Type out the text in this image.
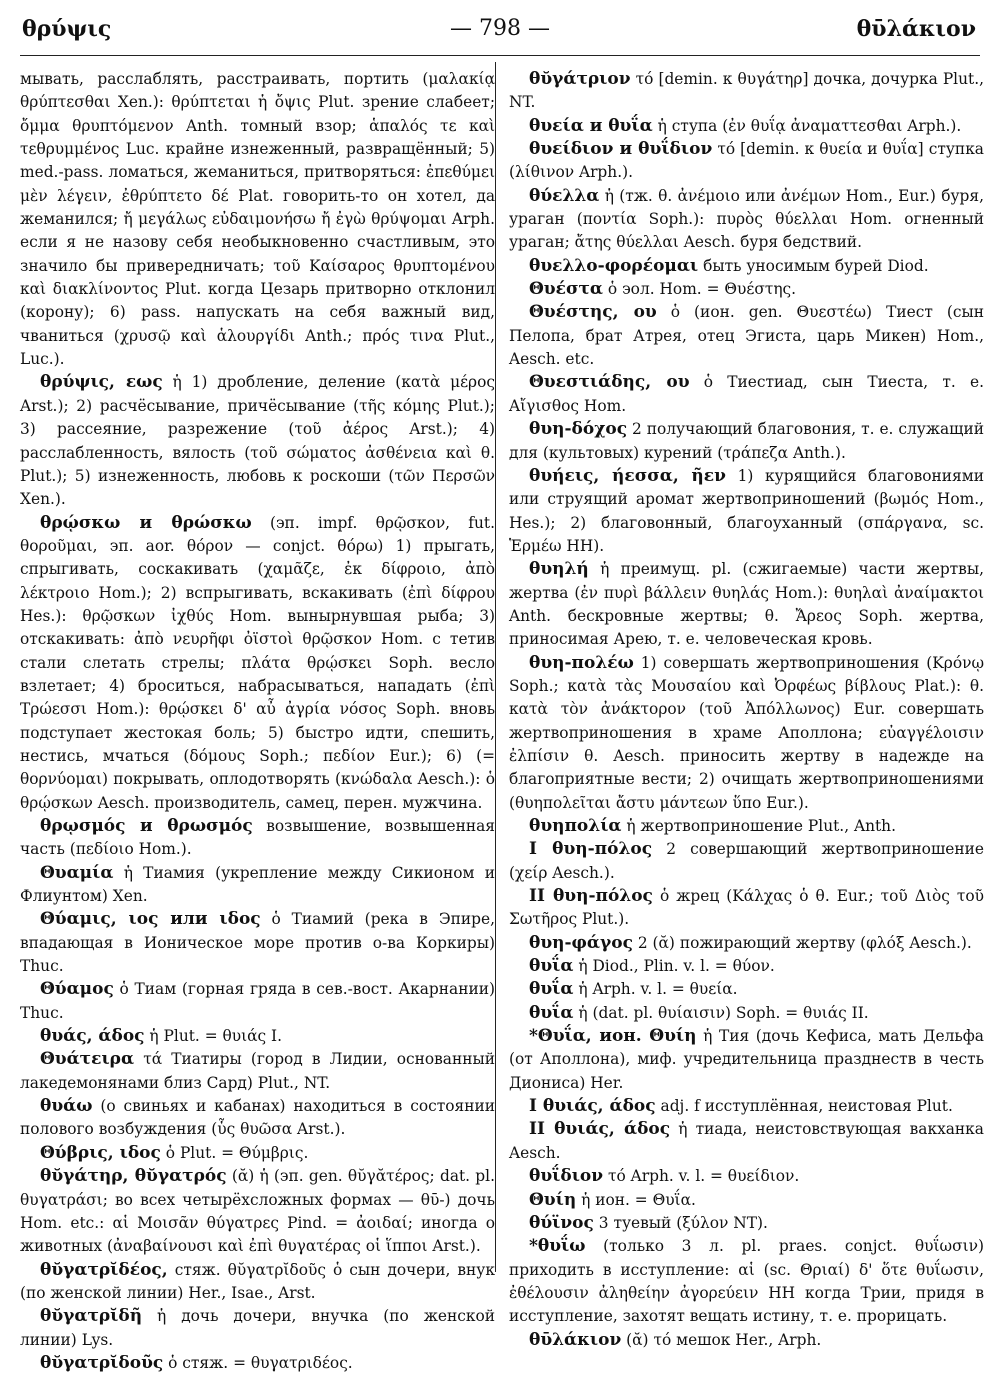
θρύψις	— 798 —	θῡλάκιον

мывать, расслаблять, расстраивать, портить (μαλακίᾳ θρύπτεσθαι Xen.): θρύπτεται ἡ ὄψις Plut. зрение слабеет; ὄμμα θρυπτόμενον Anth. томный взор; ἁπαλός τε καὶ τεθρυμμένος Luc. крайне изнеженный, развращённый; 5) med.-pass. ломаться, жеманиться, притворяться: ἐπεθύμει μὲν λέγειν, ἐθρύπτετο δέ Plat. говорить-то он хотел, да жеманился; ἤ μεγάλως εὐδαιμονήσω ἤ ἐγὼ θρύψομαι Arph. если я не назову себя необыкновенно счастливым, это значило бы привередничать; τοῦ Καίσαρος θρυπτομένου καὶ διακλίνοντος Plut. когда Цезарь притворно отклонил (корону); 6) pass. напускать на себя важный вид, чваниться (χρυσῷ καὶ ἁλουργίδι Anth.; πρός τινα Plut., Luc.).

θρύψις, εως ἡ 1) дробление, деление (κατὰ μέρος Arst.); 2) расчёсывание, причёсывание (τῆς κόμης Plut.); 3) рассеяние, разрежение (τοῦ ἀέρος Arst.); 4) расслабленность, вялость (τοῦ σώματος ἀσθένεια καὶ θ. Plut.); 5) изнеженность, любовь к роскоши (τῶν Περσῶν Xen.).

θρῴσκω и θρώσκω (эп. impf. θρῷσκον, fut. θοροῦμαι, эп. aor. θόρον — conjct. θόρω) 1) прыгать, спрыгивать, соскакивать (χαμᾶζε, ἐκ δίφροιο, ἀπὸ λέκτροιο Hom.); 2) вспрыгивать, вскакивать (ἐπὶ δίφρου Hes.): θρῷσκων ἰχθύς Hom. вынырнувшая рыба; 3) отскакивать: ἀπὸ νευρῆφι ὀϊστοὶ θρῷσκον Hom. с тетив стали слетать стрелы; πλάτα θρῴσκει Soph. весло взлетает; 4) броситься, набрасываться, нападать (ἐπὶ Τρώεσσι Hom.): θρῴσκει δ' αὖ ἀγρία νόσος Soph. вновь подступает жестокая боль; 5) быстро идти, спешить, нестись, мчаться (δόμους Soph.; πεδίον Eur.); 6) (= θορνύομαι) покрывать, оплодотворять (κνώδαλα Aesch.): ὁ θρῴσκων Aesch. производитель, самец, перен. мужчина.

θρῳσμός и θρωσμός возвышение, возвышенная часть (πεδίοιο Hom.).

Θυαμία ἡ Тиамия (укрепление между Сикионом и Флиунтом) Xen.

Θύαμις, ιος или ιδος ὁ Тиамий (река в Эпире, впадающая в Ионическое море против о-ва Коркиры) Thuc.

Θύαμος ὁ Тиам (горная гряда в сев.-вост. Акарнании) Thuc.

θυάς, άδος ἡ Plut. = θυιάς I.

Θυάτειρα τά Тиатиры (город в Лидии, основанный лакедемонянами близ Сард) Plut., NT.

θυάω (о свиньях и кабанах) находиться в состоянии полового возбуждения (ὗς θυῶσα Arst.).

Θύβρις, ιδος ὁ Plut. = Θύμβρις.

θῠγάτηρ, θῠγατρός (ᾰ) ἡ (эп. gen. θῠγᾰτέρος; dat. pl. θυγατράσι; во всех четырёхсложных формах — θῡ-) дочь Hom. etc.: αἱ Μοισᾶν θύγατρες Pind. = ἀοιδαί; иногда о животных (ἀναβαίνουσι καὶ ἐπὶ θυγατέρας οἱ ἵπποι Arst.).

θῠγατρῐδέος, стяж. θῠγατρῐδοῦς ὁ сын дочери, внук (по женской линии) Her., Isae., Arst.

θῠγατρῐδῆ ἡ дочь дочери, внучка (по женской линии) Lys.

θῠγατρῐδοῦς ὁ стяж. = θυγατριδέος.

θῠγάτριον τό [demin. к θυγάτηρ] дочка, дочурка Plut., NT.

θυεία и θυΐα ἡ ступа (ἐν θυΐᾳ ἀναματτεσθαι Arph.).

θυείδιον и θυΐδιον τό [demin. к θυεία и θυΐα] ступка (λίθινον Arph.).

θύελλα ἡ (тж. θ. ἀνέμοιο или ἀνέμων Hom., Eur.) буря, ураган (ποντία Soph.): πυρὸς θύελλαι Hom. огненный ураган; ἄτης θύελλαι Aesch. буря бедствий.

θυελλο-φορέομαι быть уносимым бурей Diod.

Θυέστα ὁ эол. Hom. = Θυέστης.

Θυέστης, ου ὁ (ион. gen. Θυεστέω) Тиест (сын Пелопа, брат Атрея, отец Эгиста, царь Микен) Hom., Aesch. etc.

Θυεστιάδης, ου ὁ Тиестиад, сын Тиеста, т. е. Αἴγισθος Hom.

θυη-δόχος 2 получающий благовония, т. е. служащий для (культовых) курений (τράπεζα Anth.).

θυήεις, ήεσσα, ῆεν 1) курящийся благовониями или струящий аромат жертвоприношений (βωμός Hom., Hes.); 2) благовонный, благоуханный (σπάργανα, sc. Ἑρμέω HH).

θυηλή ἡ преимущ. pl. (сжигаемые) части жертвы, жертва (ἐν πυρὶ βάλλειν θυηλάς Hom.): θυηλαὶ ἀναίμακτοι Anth. бескровные жертвы; θ. Ἄρεος Soph. жертва, приносимая Арею, т. е. человеческая кровь.

θυη-πολέω 1) совершать жертвоприношения (Κρόνῳ Soph.; κατὰ τὰς Μουσαίου καὶ Ὀρφέως βίβλους Plat.): θ. κατὰ τὸν ἀνάκτορον (τοῦ Ἀπόλλωνος) Eur. совершать жертвоприношения в храме Аполлона; εὐαγγέλοισιν ἐλπίσιν θ. Aesch. приносить жертву в надежде на благоприятные вести; 2) очищать жертвоприношениями (θυηπολεῖται ἄστυ μάντεων ὕπο Eur.).

θυηπολία ἡ жертвоприношение Plut., Anth.

I θυη-πόλος 2 совершающий жертвоприношение (χείρ Aesch.).

II θυη-πόλος ὁ жрец (Κάλχας ὁ θ. Eur.; τοῦ Διὸς τοῦ Σωτῆρος Plut.).

θυη-φάγος 2 (ᾰ) пожирающий жертву (φλόξ Aesch.).

θυΐα ἡ Diod., Plin. v. l. = θύον.

θυΐα ἡ Arph. v. l. = θυεία.

θυΐα ἡ (dat. pl. θυίαισιν) Soph. = θυιάς II.

*Θυΐα, ион. Θυίη ἡ Тия (дочь Кефиса, мать Дельфа (от Аполлона), миф. учредительница празднеств в честь Диониса) Her.

I θυιάς, άδος adj. f исступлённая, неистовая Plut.

II θυιάς, άδος ἡ тиада, неистовствующая вакханка Aesch.

θυΐδιον τό Arph. v. l. = θυείδιον.

Θυίη ἡ ион. = Θυΐα.

θύϊνος 3 туевый (ξύλον NT).

*θυΐω (только 3 л. pl. praes. conjct. θυΐωσιν) приходить в исступление: αἱ (sc. Θριαί) δ' ὅτε θυΐωσιν, ἐθέλουσιν ἀληθείην ἀγορεύειν HH когда Трии, придя в исступление, захотят вещать истину, т. е. прорицать.

θῡλάκιον (ᾰ) τό мешок Her., Arph.
